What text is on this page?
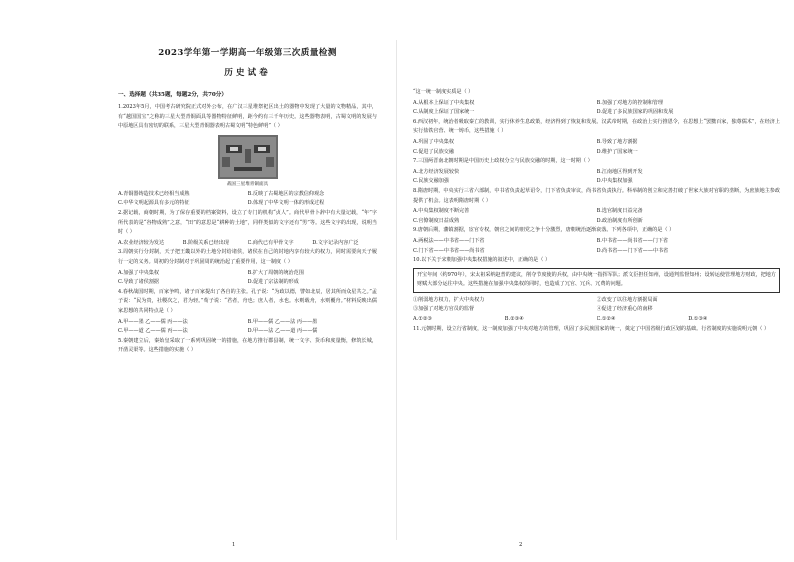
2023学年第一学期高一年级第三次质量检测
历史试卷
一、选择题（共35题，每题2分，共70分）
1.2023年5月，中国考古研究院正式对外公布，在广汉三星堆祭祀区出土的器物中发现了大量的文物精品，其中，有“越国国宝”之称的三星大型青铜面具等器物特征鲜明，距今约有三千年历史。这些器物表明，古蜀文明的发展与中原地区具有密切的联系，三星大型青铜器表明古蜀文明“特色鲜明”（ ）
战国三星堆青铜面具
A.青铜器铸造技术已经相当成熟	B.反映了古蜀地区的宗教信仰观念
C.中华文明起源具有多元的特征	D.体现了中华文明一体的形成过程
2.据记载，商朝时期，为了保存重要的档案资料，设立了专门的机构“贞人”。商代甲骨卜辞中有大量记载，“年”字所代表的是“谷物成熟”之意，“田”的意思是“耕种的土地”，同样类似的文字还有“男”等。这些文字的出现，说明当时（ ）
A.农业经济较为发达	B.阶级关系已经出现	C.商代已有甲骨文字	D.文字记录内容广泛
3.周朝实行分封制，天子把王畿以外的土地分封给诸侯，诸侯在自己的封地内享有较大的权力，同时需要向天子履行一定的义务。周初的分封制对于巩固周的统治起了重要作用，这一制度（ ）
A.加强了中央集权	B.扩大了周朝的统治范围
C.导致了诸侯割据	D.促进了宗法制的形成
4.春秋战国时期，百家争鸣，诸子百家提出了各自的主张。孔子说：“为政以德，譬如北辰，居其所而众星共之。”孟子说：“民为贵，社稷次之，君为轻。”荀子说：“君者，舟也；庶人者，水也。水则载舟，水则覆舟。”材料反映出儒家思想的共同特点是（ ）
A.甲——墨 乙——儒 丙——法	B.甲——儒 乙——法 丙——墨
C.甲——道 乙——儒 丙——法	D.甲——法 乙——道 丙——儒
5.秦朝建立后，秦始皇采取了一系列巩固统一的措施，在地方推行郡县制，统一文字、货币和度量衡，修筑长城，开凿灵渠等。这些措施的实施（ ）
1
“这一统一制度实质是（ ）
A.从根本上保证了中央集权	B.加强了对地方的控制和管理
C.从制度上保证了国家统一	D.促进了多民族国家的巩固和发展
6.西汉初年，统治者吸取秦亡的教训，实行休养生息政策，经济得到了恢复和发展。汉武帝时期，在政治上实行推恩令，在思想上“罢黜百家，独尊儒术”，在经济上实行盐铁官营、统一铸币，这些措施（ ）
A.巩固了中央集权	B.导致了地方割据
C.促进了民族交融	D.维护了国家统一
7.三国两晋南北朝时期是中国历史上政权分立与民族交融的时期，这一时期（ ）
A.北方经济发展较快	B.江南地区得到开发
C.民族交融加强	D.中央集权加强
8.隋唐时期，中央实行三省六部制，中书省负责起草诏令，门下省负责审议，尚书省负责执行。科举制的创立和完善打破了世家大族对官职的垄断，为庶族地主参政提供了机会。这表明隋唐时期（ ）
A.中央集权制度不断完善	B.选官制度日益完备
C.官僚制度日益成熟	D.政治制度有所创新
9.唐朝后期，藩镇割据，宦官专权，朝官之间的朋党之争十分激烈，唐朝统治逐渐衰落。下列各项中，正确的是（ ）
A.两税法——中书省——门下省	B.中书省——尚书省——门下省
C.门下省——中书省——尚书省	D.尚书省——门下省——中书省
10.以下关于宋朝加强中央集权措施的叙述中，正确的是（ ）
开宝年间（约970年），宋太祖采纳赵普的建议，削夺节度使的兵权，由中央统一指挥军队；派文臣担任知州，设通判监督知州；设转运使管理地方财政，把地方财赋大部分运往中央。这些措施在加强中央集权的同时，也造成了冗官、冗兵、冗费的问题。
①削弱地方权力，扩大中央权力	②改变了以往地方割据局面
③加强了对地方官员的监督	④促进了经济重心的南移
A.①②③	B.②③④	C.①②④	D.①③④
11.元朝时期，设立行省制度，这一制度加强了中央对地方的管理，巩固了多民族国家的统一，奠定了中国省级行政区划的基础。行省制度的实施说明元朝（ ）
2
